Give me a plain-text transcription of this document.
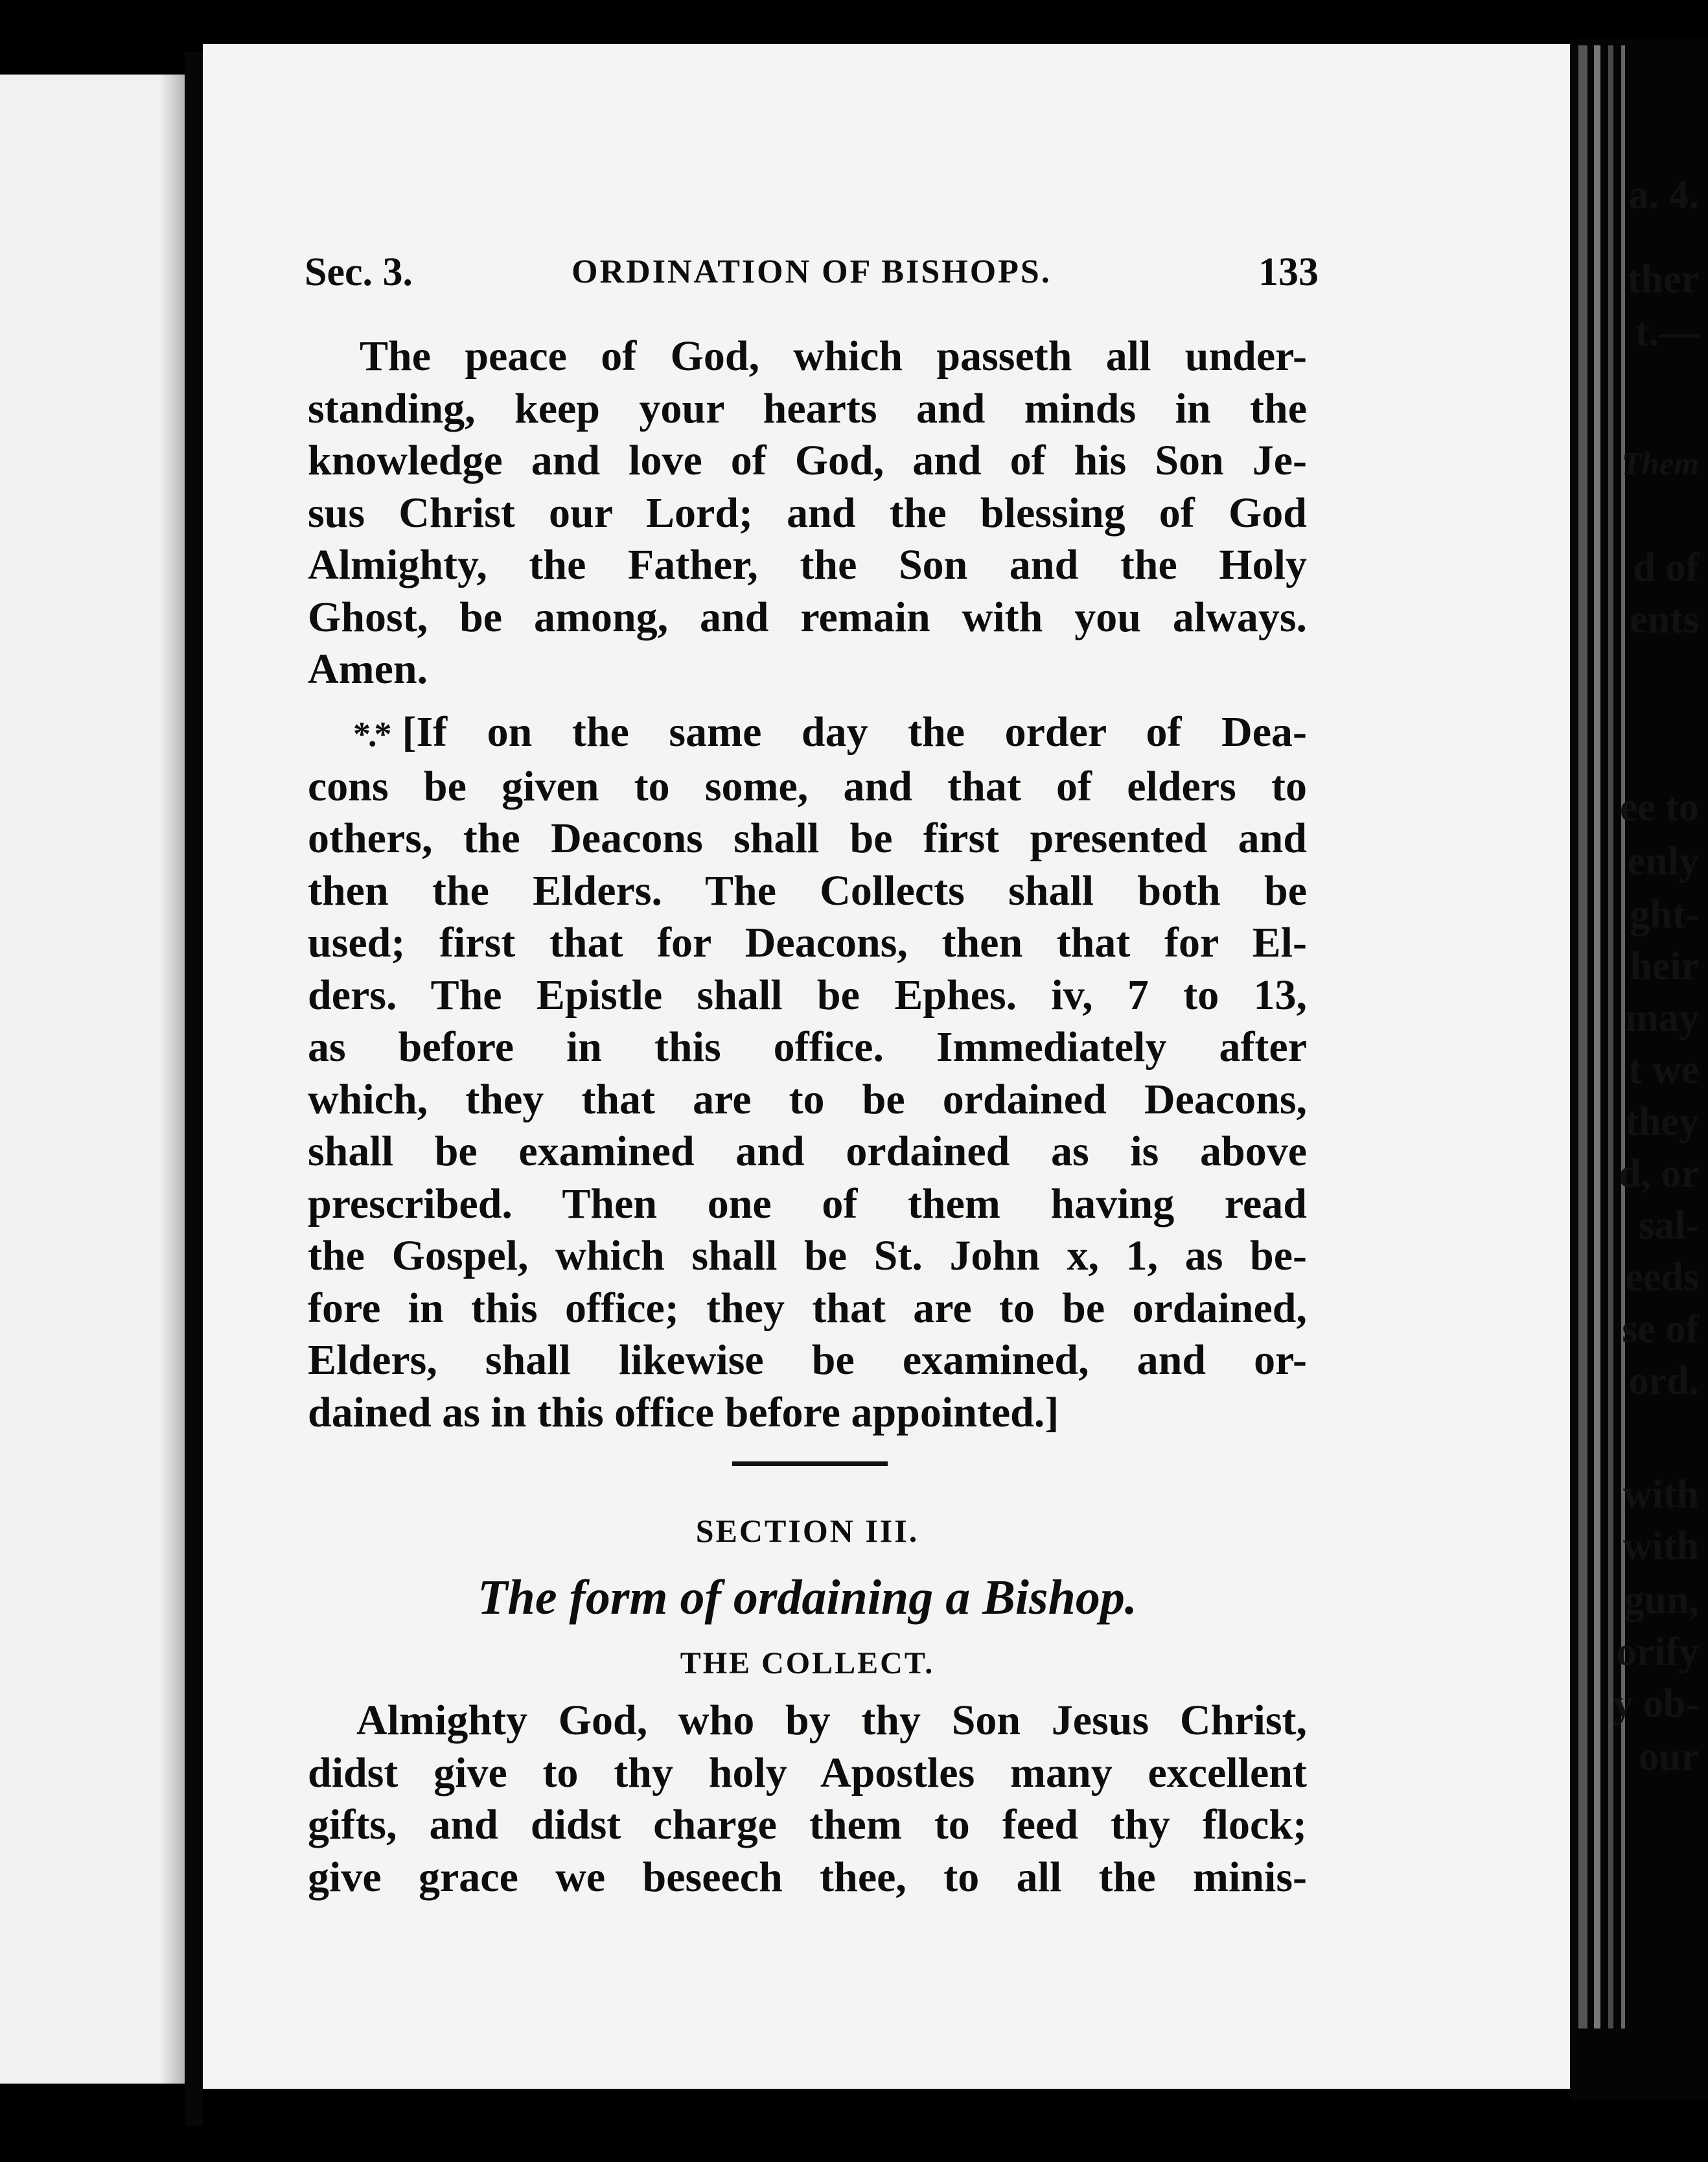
a. 4.

ther

t.—

Them

d of

ents

ee to

enly

ght-

heir

may

t we

they

d, or

sal-

eeds

se of

ord.

with

with

gun,

orify

y ob-

our

ORDINATION OF BISHOPS.
Sec. 3.	133
The peace of God, which passeth all under-
standing, keep your hearts and minds in the
knowledge and love of God, and of his Son Je-
sus Christ our Lord; and the blessing of God
Almighty, the Father, the Son and the Holy
Ghost, be among, and remain with you always.
Amen.
*.* [If on the same day the order of Dea-
cons be given to some, and that of elders to
others, the Deacons shall be first presented and
then the Elders. The Collects shall both be
used; first that for Deacons, then that for El-
ders. The Epistle shall be Ephes. iv, 7 to 13,
as before in this office. Immediately after
which, they that are to be ordained Deacons,
shall be examined and ordained as is above
prescribed. Then one of them having read
the Gospel, which shall be St. John x, 1, as be-
fore in this office; they that are to be ordained,
Elders, shall likewise be examined, and or-
dained as in this office before appointed.]

SECTION III.

The form of ordaining a Bishop.

THE COLLECT.

Almighty God, who by thy Son Jesus Christ,
didst give to thy holy Apostles many excellent
gifts, and didst charge them to feed thy flock;
give grace we beseech thee, to all the minis-
